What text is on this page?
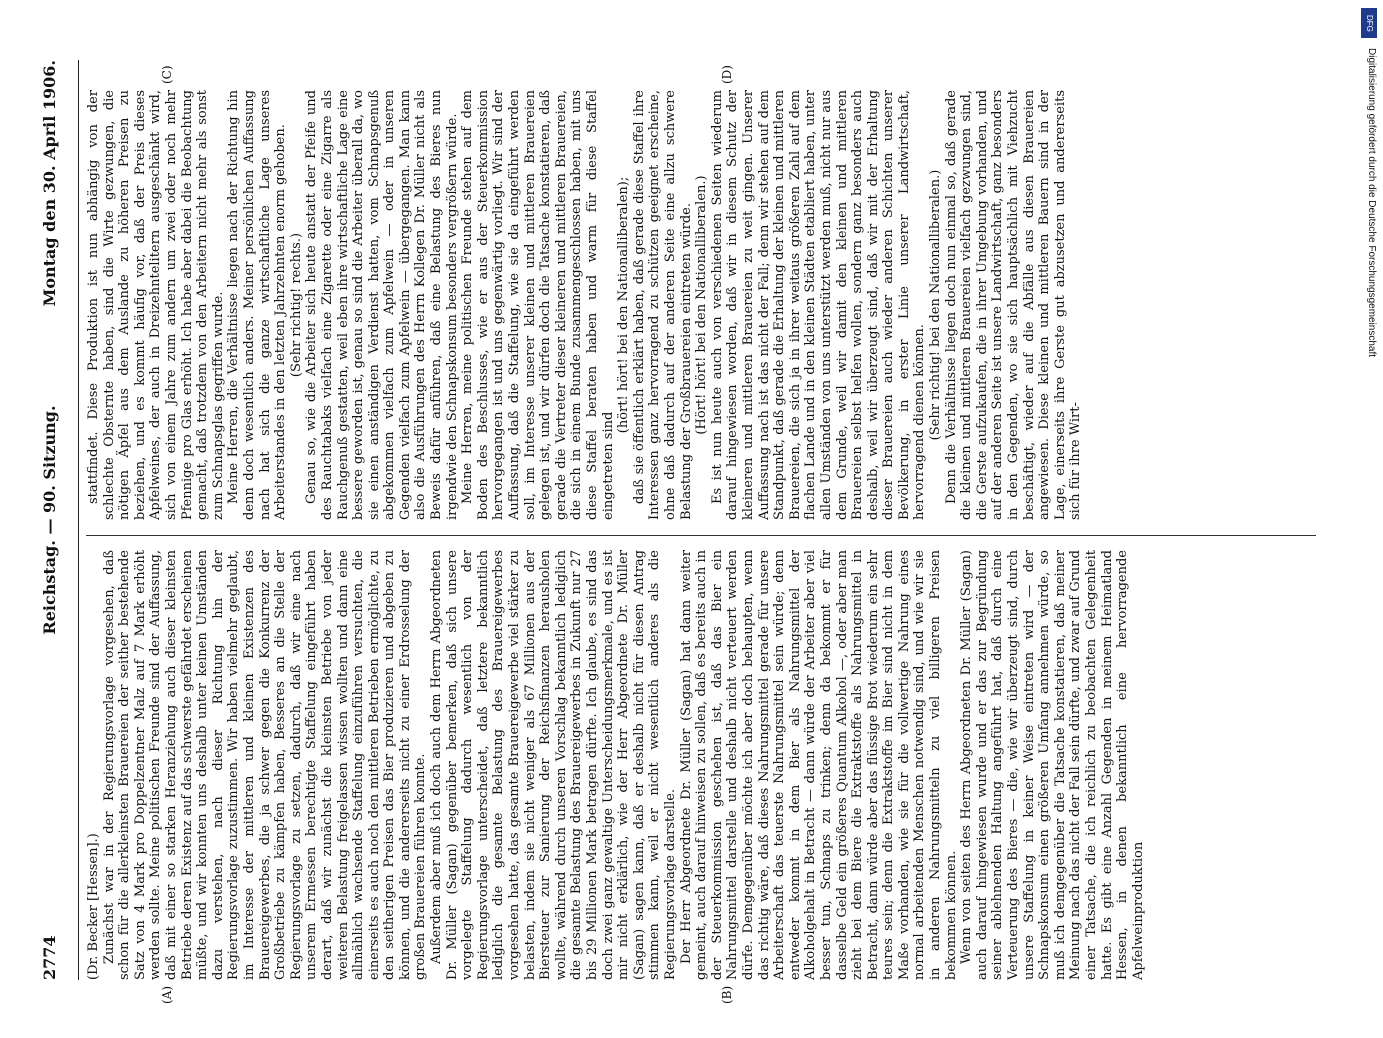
2774
Reichstag. — 90. Sitzung.
Montag den 30. April 1906.
(A)	(B)
(C)	(D)

(Dr. Becker [Hessen].) Zunächst war in der Regierungsvorlage vorgesehen, daß schon für die allerkleinsten Brauereien der seither bestehende Satz von 4 Mark pro Doppelzentner Malz auf 7 Mark erhöht werden sollte. Meine politischen Freunde sind der Auffassung, daß mit einer so starken Heranziehung auch dieser kleinsten Betriebe deren Existenz auf das schwerste gefährdet erscheinen müßte, und wir konnten uns deshalb unter keinen Umständen dazu verstehen, nach dieser Richtung hin der Regierungsvorlage zuzustimmen. Wir haben vielmehr geglaubt, im Interesse der mittleren und kleinen Existenzen des Brauereigewerbes, die ja schwer gegen die Konkurrenz der Großbetriebe zu kämpfen haben, Besseres an die Stelle der Regierungsvorlage zu setzen, dadurch, daß wir eine nach unserem Ermessen berechtigte Staffelung eingeführt haben derart, daß wir zunächst die kleinsten Betriebe von jeder weiteren Belastung freigelassen wissen wollten und dann eine allmählich wachsende Staffelung einzuführen versuchten, die einerseits es auch noch den mittleren Betrieben ermöglichte, zu den seitherigen Preisen das Bier produzieren und abgeben zu können, und die andererseits nicht zu einer Erdrosselung der großen Brauereien führen konnte. Außerdem aber muß ich doch auch dem Herrn Abgeordneten Dr. Müller (Sagan) gegenüber bemerken, daß sich unsere vorgelegte Staffelung dadurch wesentlich von der Regierungsvorlage unterscheidet, daß letztere bekanntlich lediglich die gesamte Belastung des Brauereigewerbes vorgesehen hatte, das gesamte Brauereigewerbe viel stärker zu belasten, indem sie nicht weniger als 67 Millionen aus der Biersteuer zur Sanierung der Reichsfinanzen herausholen wollte, während durch unseren Vorschlag bekanntlich lediglich die gesamte Belastung des Brauereigewerbes in Zukunft nur 27 bis 29 Millionen Mark betragen dürfte. Ich glaube, es sind das doch zwei ganz gewaltige Unterscheidungsmerkmale, und es ist mir nicht erklärlich, wie der Herr Abgeordnete Dr. Müller (Sagan) sagen kann, daß er deshalb nicht für diesen Antrag stimmen kann, weil er nicht wesentlich anderes als die Regierungsvorlage darstelle. Der Herr Abgeordnete Dr. Müller (Sagan) hat dann weiter gemeint, auch darauf hinweisen zu sollen, daß es bereits auch in der Steuerkommission geschehen ist, daß das Bier ein Nahrungsmittel darstelle und deshalb nicht verteuert werden dürfe. Demgegenüber möchte ich aber doch behaupten, wenn das richtig wäre, daß dieses Nahrungsmittel gerade für unsere Arbeiterschaft das teuerste Nahrungsmittel sein würde; denn entweder kommt in dem Bier als Nahrungsmittel der Alkoholgehalt in Betracht — dann würde der Arbeiter aber viel besser tun, Schnaps zu trinken; denn da bekommt er für dasselbe Geld ein größeres Quantum Alkohol —, oder aber man zieht bei dem Biere die Extraktstoffe als Nahrungsmittel in Betracht, dann würde aber das flüssige Brot wiederum ein sehr teures sein; denn die Extraktstoffe im Bier sind nicht in dem Maße vorhanden, wie sie für die vollwertige Nahrung eines normal arbeitenden Menschen notwendig sind, und wie wir sie in anderen Nahrungsmitteln zu viel billigeren Preisen bekommen können. Wenn von seiten des Herrn Abgeordneten Dr. Müller (Sagan) auch darauf hingewiesen wurde und er das zur Begründung seiner ablehnenden Haltung angeführt hat, daß durch eine Verteuerung des Bieres — die, wie wir überzeugt sind, durch unsere Staffelung in keiner Weise eintreten wird — der Schnapskonsum einen größeren Umfang annehmen würde, so muß ich demgegenüber die Tatsache konstatieren, daß meiner Meinung nach das nicht der Fall sein dürfte, und zwar auf Grund einer Tatsache, die ich reichlich zu beobachten Gelegenheit hatte. Es gibt eine Anzahl Gegenden in meinem Heimatland Hessen, in denen bekanntlich eine hervorragende Apfelweinproduktion

stattfindet. Diese Produktion ist nun abhängig von der schlechte Obsternte haben, sind die Wirte gezwungen, die nötigen Äpfel aus dem Auslande zu höheren Preisen zu beziehen, und es kommt häufig vor, daß der Preis dieses Apfelweines, der auch in Dreizehntelitern ausgeschänkt wird, sich von einem Jahre zum andern um zwei oder noch mehr Pfennige pro Glas erhöht. Ich habe aber dabei die Beobachtung gemacht, daß trotzdem von den Arbeitern nicht mehr als sonst zum Schnapsglas gegriffen wurde. Meine Herren, die Verhältnisse liegen nach der Richtung hin denn doch wesentlich anders. Meiner persönlichen Auffassung nach hat sich die ganze wirtschaftliche Lage unseres Arbeiterstandes in den letzten Jahrzehnten enorm gehoben. (Sehr richtig! rechts.) Genau so, wie die Arbeiter sich heute anstatt der Pfeife und des Rauchtabaks vielfach eine Zigarette oder eine Zigarre als Rauchgenuß gestatten, weil eben ihre wirtschaftliche Lage eine bessere geworden ist, genau so sind die Arbeiter überall da, wo sie einen anständigen Verdienst hatten, vom Schnapsgenuß abgekommen vielfach zum Apfelwein — oder in unseren Gegenden vielfach zum Apfelwein — übergegangen. Man kann also die Ausführungen des Herrn Kollegen Dr. Müller nicht als Beweis dafür anführen, daß eine Belastung des Bieres nun irgendwie den Schnapskonsum besonders vergrößern würde. Meine Herren, meine politischen Freunde stehen auf dem Boden des Beschlusses, wie er aus der Steuerkommission hervorgegangen ist und uns gegenwärtig vorliegt. Wir sind der Auffassung, daß die Staffelung, wie sie da eingeführt werden soll, im Interesse unserer kleinen und mittleren Brauereien gelegen ist, und wir dürfen doch die Tatsache konstatieren, daß gerade die Vertreter dieser kleineren und mittleren Brauereien, die sich in einem Bunde zusammengeschlossen haben, mit uns diese Staffel beraten haben und warm für diese Staffel eingetreten sind

(hört! hört! bei den Nationalliberalen); daß sie öffentlich erklärt haben, daß gerade diese Staffel ihre Interessen ganz hervorragend zu schützen geeignet erscheine, ohne daß dadurch auf der anderen Seite eine allzu schwere Belastung der Großbrauereien eintreten würde. (Hört! hört! bei den Nationalliberalen.) Es ist nun heute auch von verschiedenen Seiten wiederum darauf hingewiesen worden, daß wir in diesem Schutz der kleineren und mittleren Brauereien zu weit gingen. Unserer Auffassung nach ist das nicht der Fall; denn wir stehen auf dem Standpunkt, daß gerade die Erhaltung der kleinen und mittleren Brauereien, die sich ja in ihrer weitaus größeren Zahl auf dem flachen Lande und in den kleinen Städten etabliert haben, unter allen Umständen von uns unterstützt werden muß, nicht nur aus dem Grunde, weil wir damit den kleinen und mittleren Brauereien selbst helfen wollen, sondern ganz besonders auch deshalb, weil wir überzeugt sind, daß wir mit der Erhaltung dieser Brauereien auch wieder anderen Schichten unserer Bevölkerung, in erster Linie unserer Landwirtschaft, hervorragend dienen können. (Sehr richtig! bei den Nationalliberalen.) Denn die Verhältnisse liegen doch nun einmal so, daß gerade die kleinen und mittleren Brauereien vielfach gezwungen sind, die Gerste aufzukaufen, die in ihrer Umgebung vorhanden, und auf der anderen Seite ist unsere Landwirtschaft, ganz besonders in den Gegenden, wo sie sich hauptsächlich mit Viehzucht beschäftigt, wieder auf die Abfälle aus diesen Brauereien angewiesen. Diese kleinen und mittleren Bauern sind in der Lage, einerseits ihre Gerste gut abzusetzen und andererseits sich für ihre Wirt-

DFG
Digitalisierung gefördert durch die Deutsche Forschungsgemeinschaft
